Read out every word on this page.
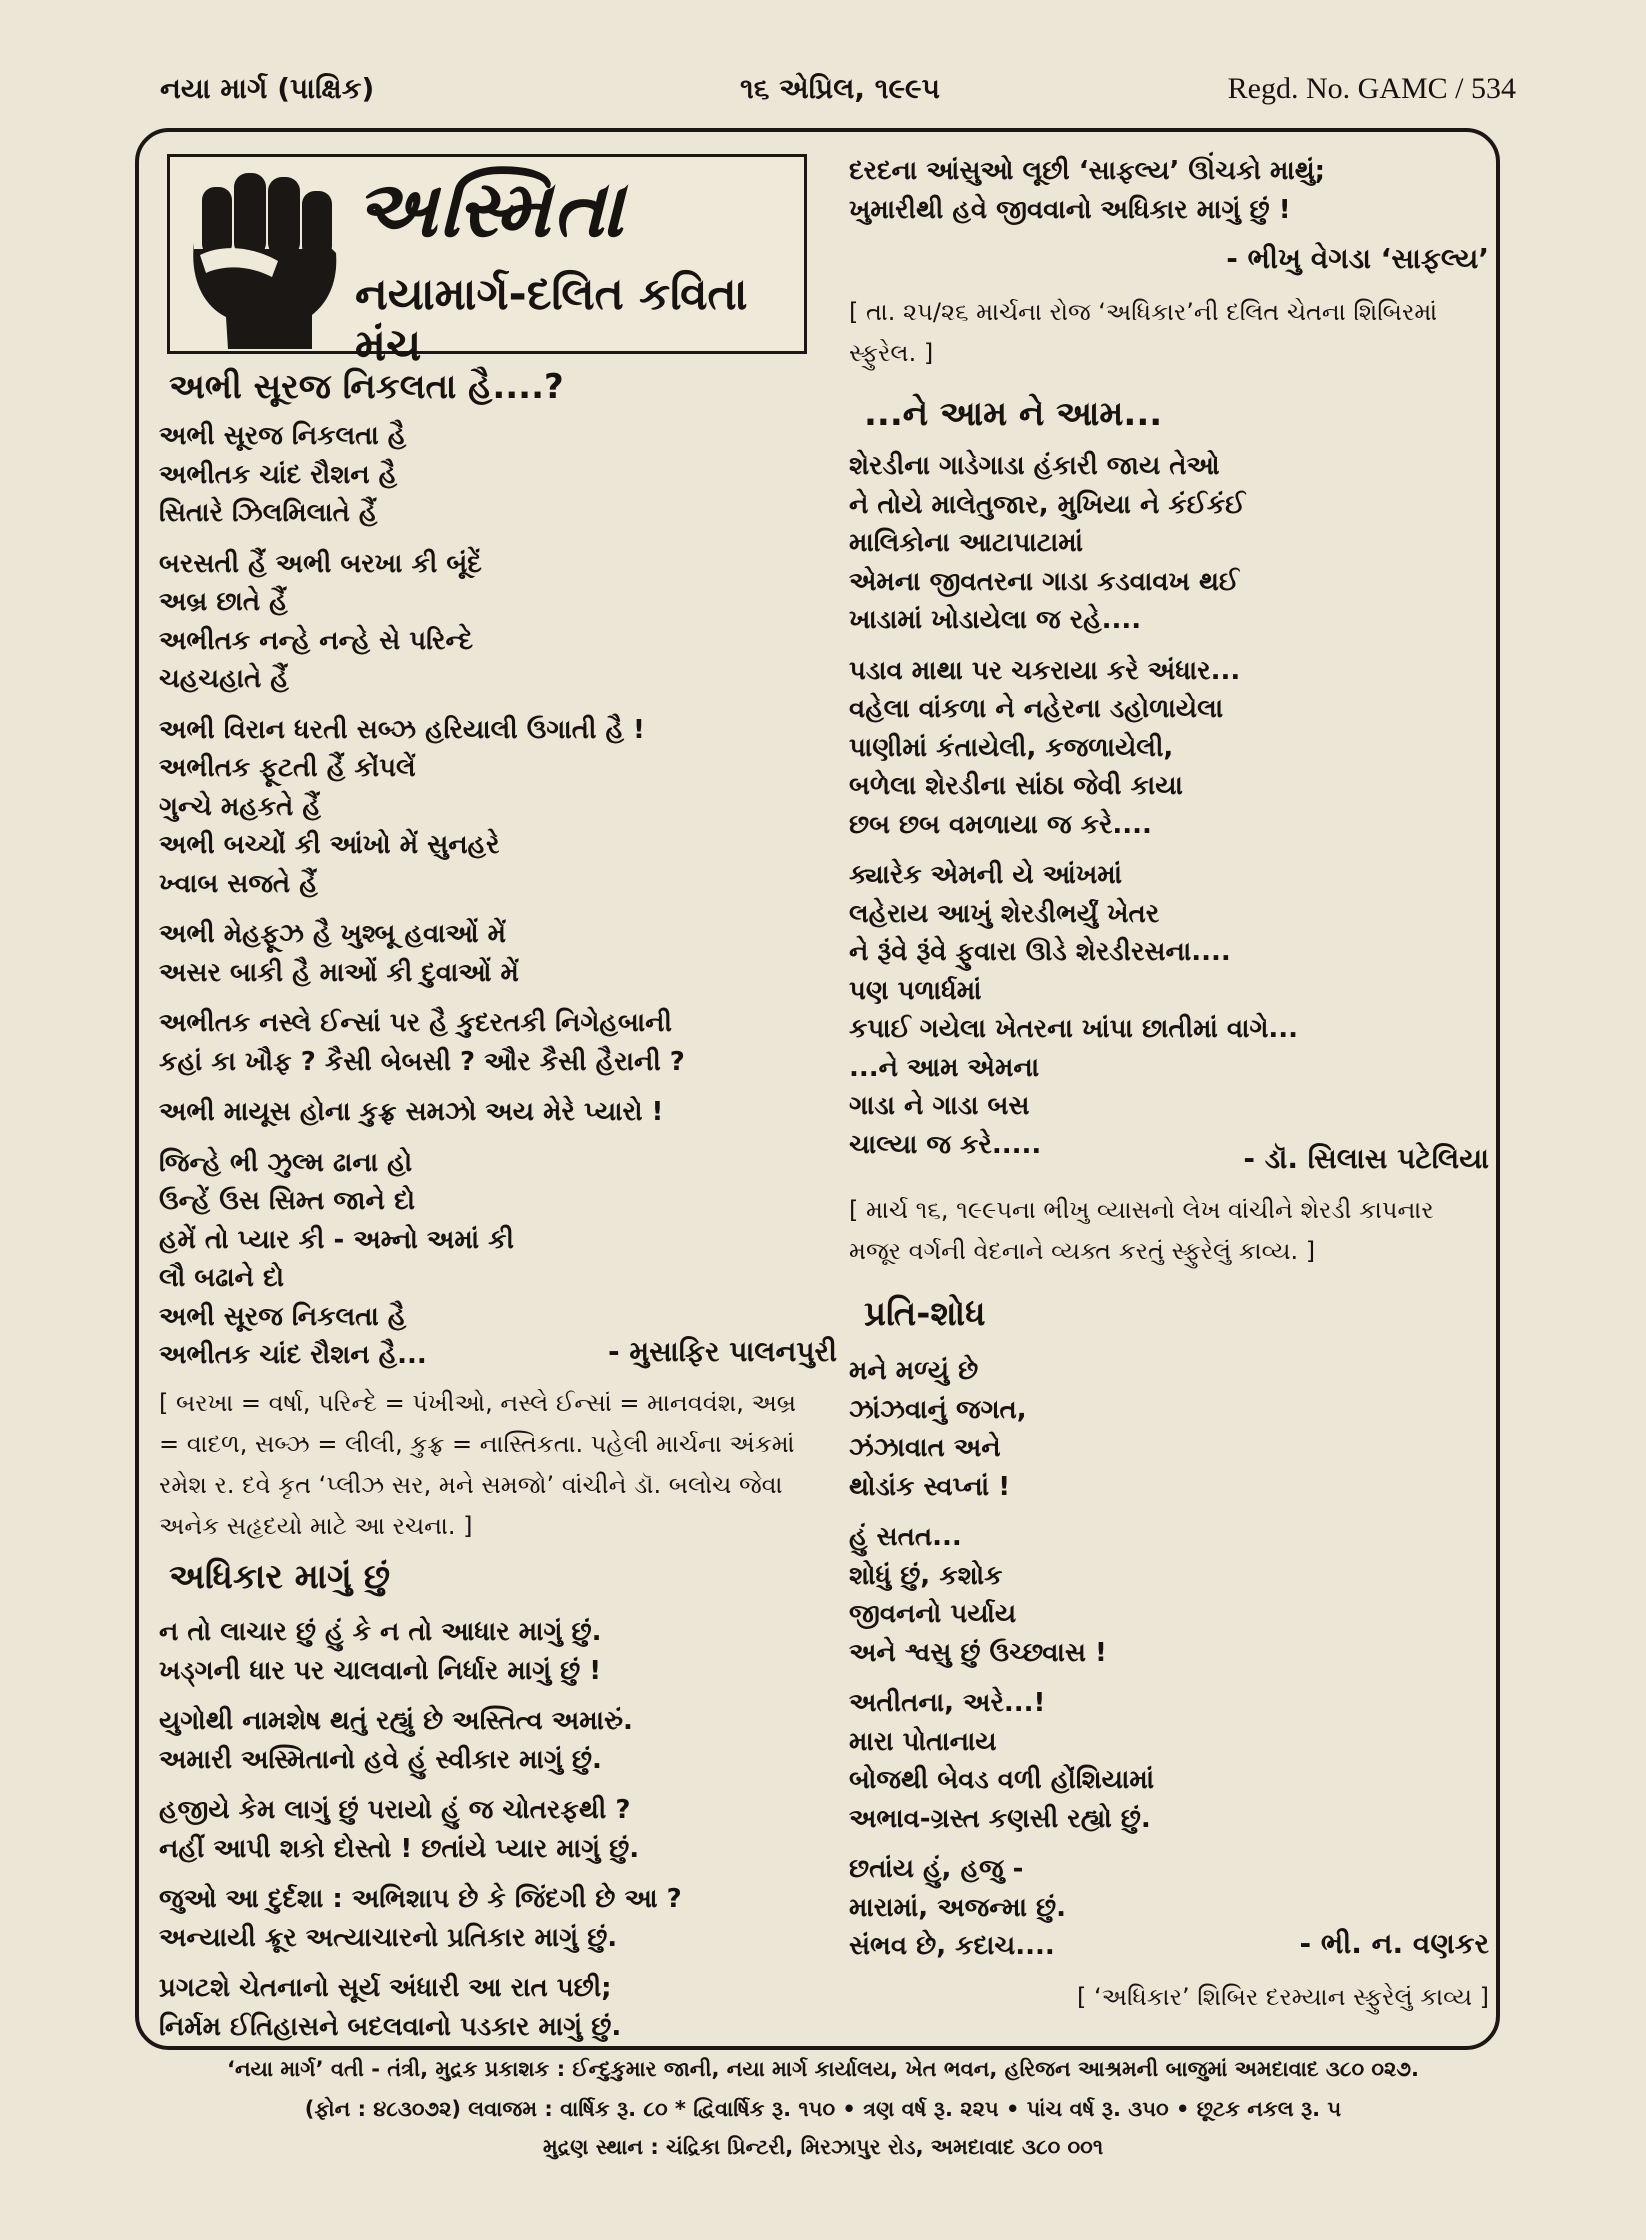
નયા માર્ગ (પાક્ષિક)	૧૬ એપ્રિલ, ૧૯૯૫	Regd. No. GAMC / 534
અસ્મિતા
નયામાર્ગ-દલિત કવિતા મંચ
અભી સૂરજ નિકલતા હૈ....?
અભી સૂરજ નિકલતા હૈ
અભીતક ચાંદ રૌશન હૈ
સિતારે ઝિલમિલાતે હૈં
બરસતી હૈં અભી બરખા કી બૂંદેં
અબ્ર છાતે હૈં
અભીતક નન્હે નન્હે સે પરિન્દે
ચહચહાતે હૈં
અભી વિરાન ધરતી સબ્ઝ હરિયાલી ઉગાતી હૈ !
અભીતક ફૂટતી હૈં કોંપલેં
ગુન્ચે મહકતે હૈં
અભી બચ્ચોં કી આંખો મેં સુનહરે
ખ્વાબ સજતે હૈં
અભી મેહફૂઝ હૈ ખુશ્બૂ હવાઓં મેં
અસર બાકી હૈ માઓં કી દુવાઓં મેં
અભીતક નસ્લે ઈન્સાં પર હૈ કુદરતકી નિગેહબાની
કહાં કા ખૌફ ? કૈસી બેબસી ? ઔર કૈસી હૈરાની ?
અભી માયૂસ હોના કુફ્ર સમઝો અય મેરે પ્યારો !
જિન્હે ભી ઝુલ્મ ઢાના હો
ઉન્હેં ઉસ સિમ્ત જાને દો
હમેં તો પ્યાર કી - અમ્નો અમાં કી
લૌ બઢાને દો
અભી સૂરજ નિકલતા હૈ
અભીતક ચાંદ રૌશન હૈ...	- મુસાફિર પાલનપુરી
[ બરખા = વર્ષા, પરિન્દે = પંખીઓ, નસ્લે ઈન્સાં = માનવવંશ, અબ્ર = વાદળ, સબ્ઝ = લીલી, કુફ્ર = નાસ્તિકતા. પહેલી માર્ચના અંકમાં રમેશ ર. દવે કૃત ‘પ્લીઝ સર, મને સમજો’ વાંચીને ડૉ. બલોચ જેવા અનેક સહૃદયો માટે આ રચના. ]
અધિકાર માગું છું
ન તો લાચાર છું હું કે ન તો આધાર માગું છું.
ખડ્ગની ધાર પર ચાલવાનો નિર્ધાર માગું છું !
યુગોથી નામશેષ થતું રહ્યું છે અસ્તિત્વ અમારું.
અમારી અસ્મિતાનો હવે હું સ્વીકાર માગું છું.
હજીયે કેમ લાગું છું પરાયો હું જ ચોતરફથી ?
નહીં આપી શકો દોસ્તો ! છતાંયે પ્યાર માગું છું.
જુઓ આ દુર્દશા : અભિશાપ છે કે જિંદગી છે આ ?
અન્યાયી ક્રૂર અત્યાચારનો પ્રતિકાર માગું છું.
પ્રગટશે ચેતનાનો સૂર્ય અંધારી આ રાત પછી;
નિર્મમ ઈતિહાસને બદલવાનો પડકાર માગું છું.
દરદના આંસુઓ લૂછી ‘સાફલ્ય’ ઊંચકો માથું;
ખુમારીથી હવે જીવવાનો અધિકાર માગું છું !
- ભીખુ વેગડા ‘સાફલ્ય’
[ તા. ૨૫/૨૬ માર્ચના રોજ ‘અધિકાર’ની દલિત ચેતના શિબિરમાં સ્ફુરેલ. ]
...ને આમ ને આમ...
શેરડીના ગાડેગાડા હંકારી જાય તેઓ
ને તોયે માલેતુજાર, મુખિયા ને કંઈકંઈ
માલિકોના આટાપાટામાં
એમના જીવતરના ગાડા કડવાવખ થઈ
ખાડામાં ખોડાયેલા જ રહે....
પડાવ માથા પર ચકરાયા કરે અંધાર...
વહેલા વાંકળા ને નહેરના ડહોળાયેલા
પાણીમાં કંતાયેલી, કજળાયેલી,
બળેલા શેરડીના સાંઠા જેવી કાયા
છબ છબ વમળાયા જ કરે....
ક્યારેક એમની યે આંખમાં
લહેરાય આખું શેરડીભર્યું ખેતર
ને રૂંવે રૂંવે ફુવારા ઊડે શેરડીરસના....
પણ પળાર્ધમાં
કપાઈ ગયેલા ખેતરના ખાંપા છાતીમાં વાગે...
...ને આમ એમના
ગાડા ને ગાડા બસ
ચાલ્યા જ કરે.....	- ડૉ. સિલાસ પટેલિયા
[ માર્ચ ૧૬, ૧૯૯૫ના ભીખુ વ્યાસનો લેખ વાંચીને શેરડી કાપનાર મજૂર વર્ગની વેદનાને વ્યક્ત કરતું સ્ફુરેલું કાવ્ય. ]
પ્રતિ-શોધ
મને મળ્યું છે
ઝાંઝવાનું જગત,
ઝંઝાવાત અને
થોડાંક સ્વપ્નાં !
હું સતત...
શોધું છું, કશોક
જીવનનો પર્યાય
અને શ્વસુ છું ઉચ્છ્વાસ !
અતીતના, અરે...!
મારા પોતાનાય
બોજથી બેવડ વળી હોંશિયામાં
અભાવ-ગ્રસ્ત કણસી રહ્યો છું.
છતાંય હું, હજુ -
મારામાં, અજન્મા છું.
સંભવ છે, કદાચ....	- ભી. ન. વણકર
[ ‘અધિકાર’ શિબિર દરમ્યાન સ્ફુરેલું કાવ્ય ]
‘નયા માર્ગ’ વતી - તંત્રી, મુદ્રક પ્રકાશક : ઈન્દુકુમાર જાની, નયા માર્ગ કાર્યાલય, ખેત ભવન, હરિજન આશ્રમની બાજુમાં અમદાવાદ ૩૮૦ ૦૨૭.
(ફોન : ૪૮૩૦૭૨) લવાજમ : વાર્ષિક રૂ. ૮૦ * દ્વિવાર્ષિક રૂ. ૧૫૦ • ત્રણ વર્ષ રૂ. ૨૨૫ • પાંચ વર્ષ રૂ. ૩૫૦ • છૂટક નકલ રૂ. ૫
મુદ્રણ સ્થાન : ચંદ્રિકા પ્રિન્ટરી, મિરઝાપુર રોડ, અમદાવાદ ૩૮૦ ૦૦૧
